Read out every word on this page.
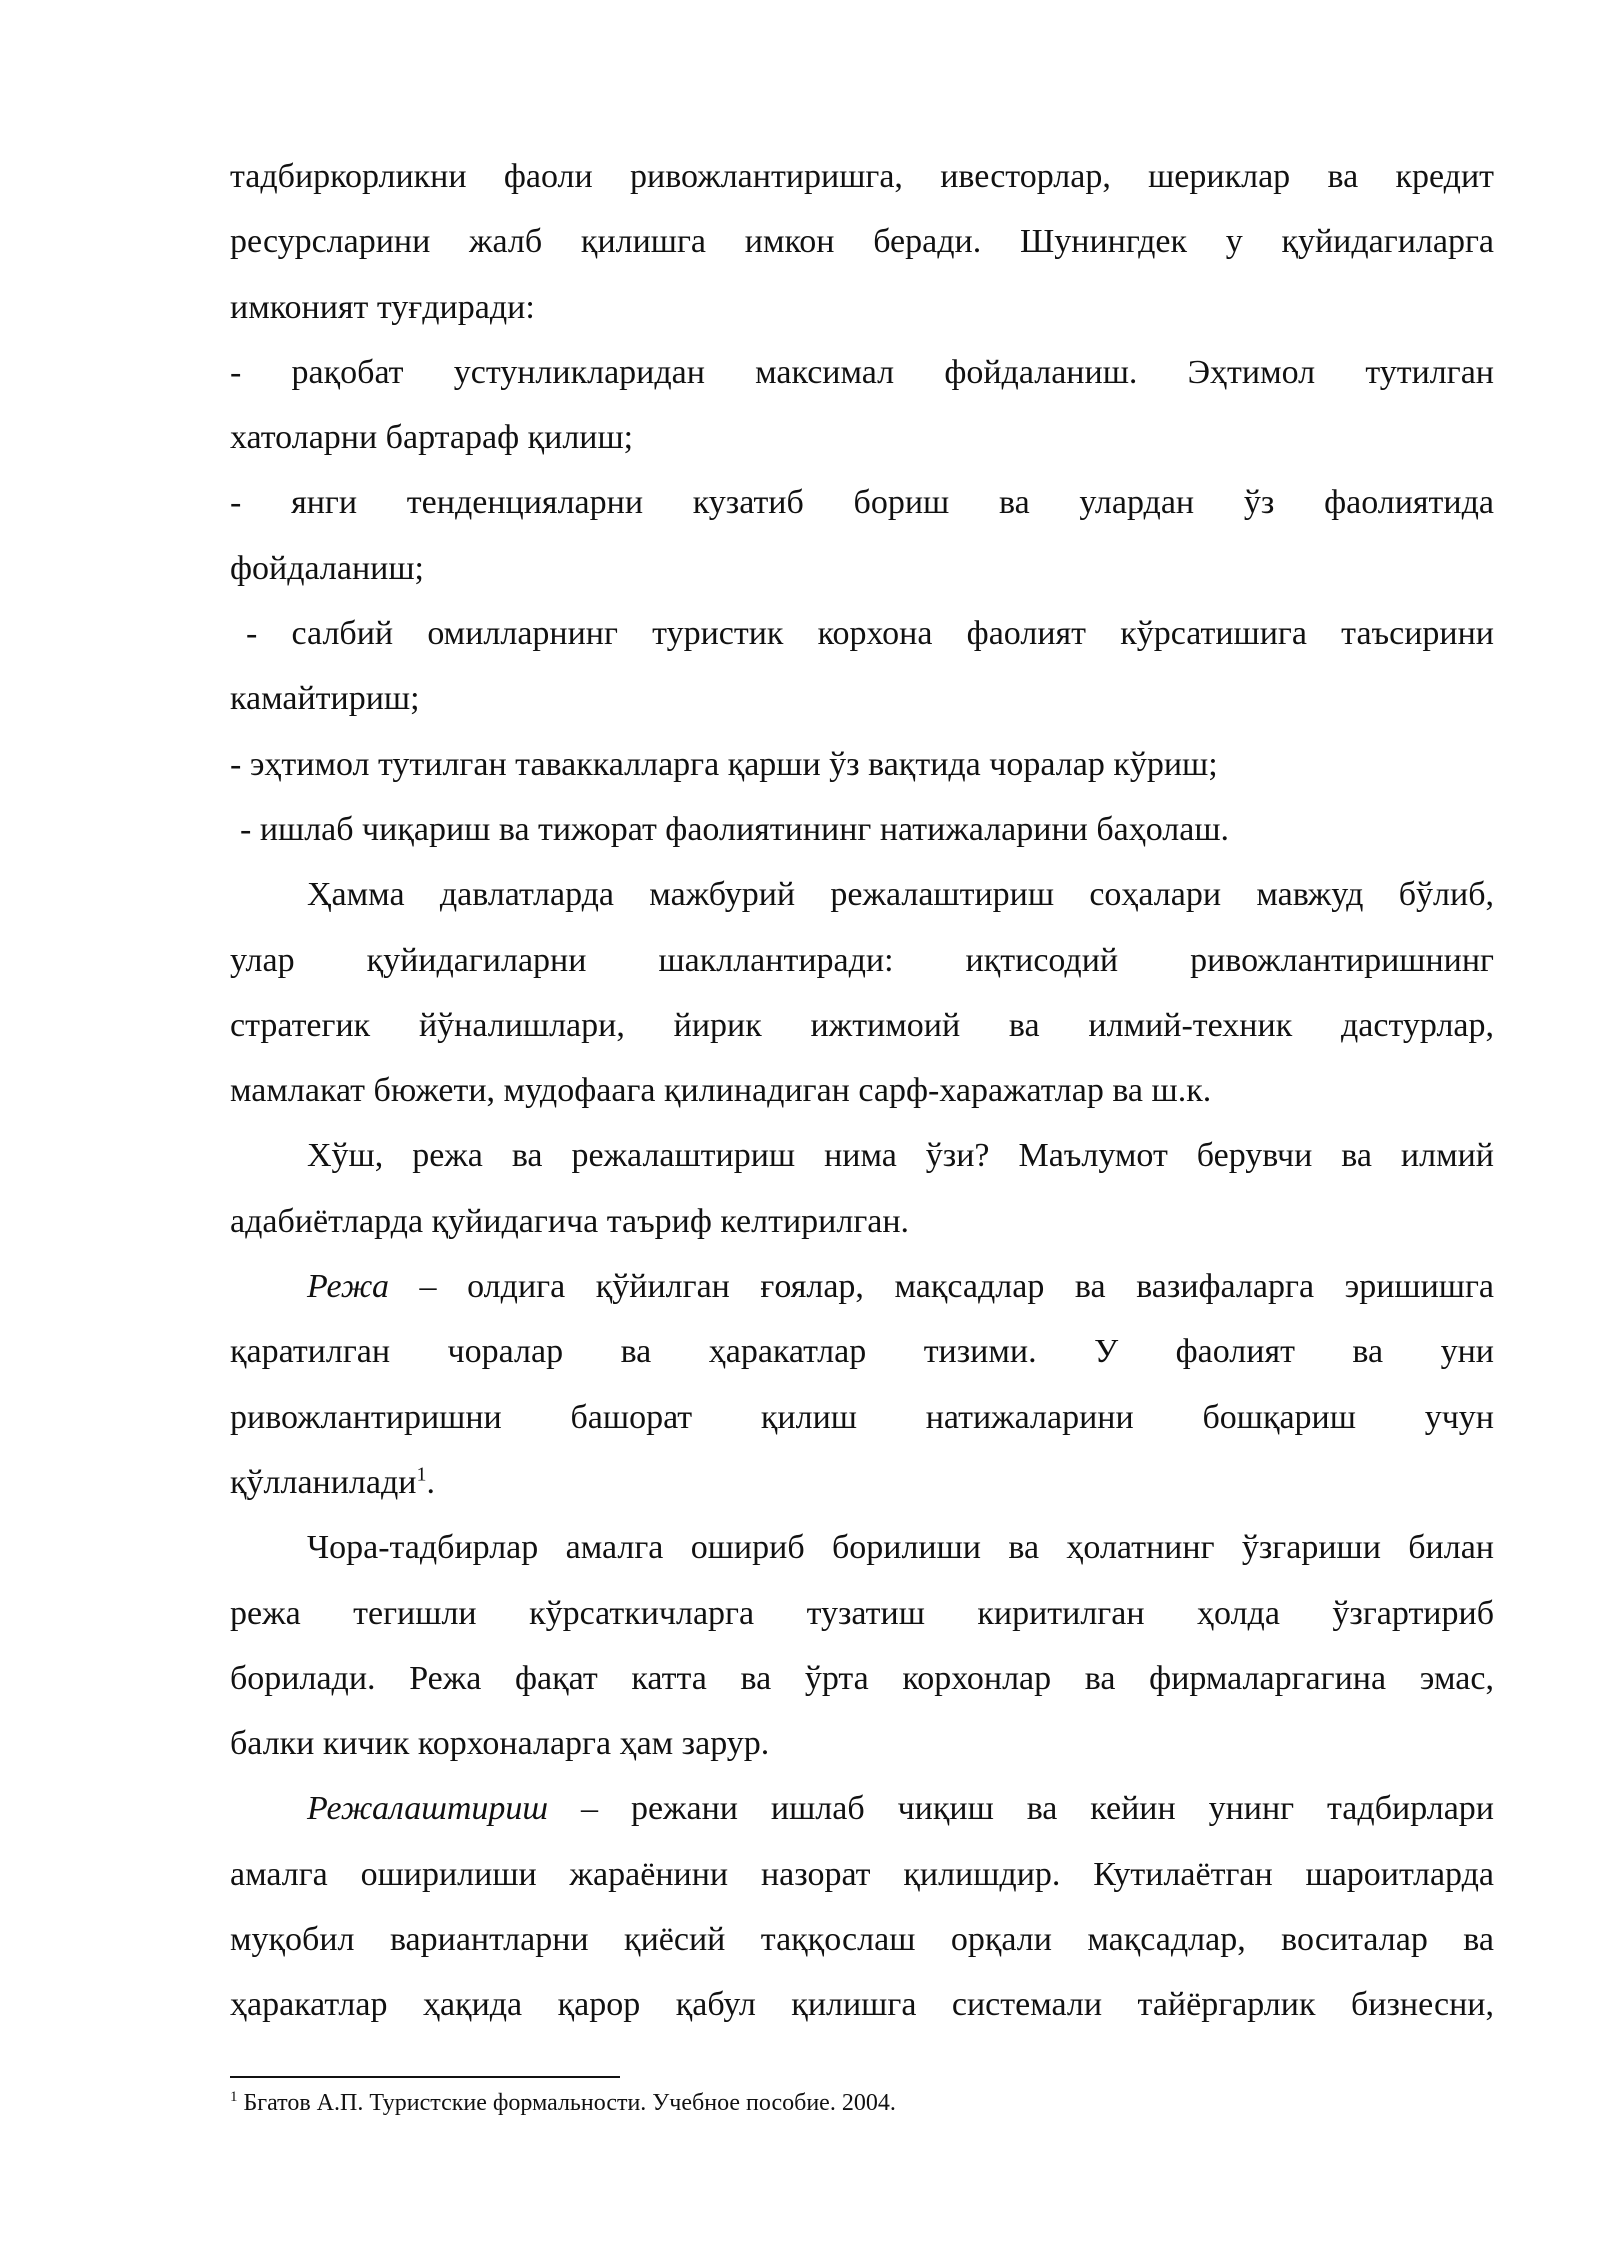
тадбиркорликни фаоли ривожлантиришга, ивесторлар, шериклар ва кредит

ресурсларини жалб қилишга имкон беради. Шунингдек у қуйидагиларга

имконият туғдиради:

- рақобат устунликларидан максимал фойдаланиш. Эҳтимол тутилган

хатоларни бартараф қилиш;

- янги тенденцияларни кузатиб бориш ва улардан ўз фаолиятида

фойдаланиш;

- салбий омилларнинг туристик корхона фаолият кўрсатишига таъсирини

камайтириш;

- эҳтимол тутилган таваккалларга қарши ўз вақтида чоралар кўриш;

- ишлаб чиқариш ва тижорат фаолиятининг натижаларини баҳолаш.

Ҳамма давлатларда мажбурий режалаштириш соҳалари мавжуд бўлиб,

улар қуйидагиларни шакллантиради: иқтисодий ривожлантиришнинг

стратегик йўналишлари, йирик ижтимоий ва илмий-техник дастурлар,

мамлакат бюжети, мудофаага қилинадиган сарф-харажатлар ва ш.к.

Хўш, режа ва режалаштириш нима ўзи? Маълумот берувчи ва илмий

адабиётларда қуйидагича таъриф келтирилган.

Режа – олдига қўйилган ғоялар, мақсадлар ва вазифаларга эришишга

қаратилган чоралар ва ҳаракатлар тизими. У фаолият ва уни

ривожлантиришни башорат қилиш натижаларини бошқариш учун

қўлланилади$^1$.

Чора-тадбирлар амалга ошириб борилиши ва ҳолатнинг ўзгариши билан

режа тегишли кўрсаткичларга тузатиш киритилган ҳолда ўзгартириб

борилади. Режа фақат катта ва ўрта корхонлар ва фирмаларгагина эмас,

балки кичик корхоналарга ҳам зарур.

Режалаштириш – режани ишлаб чиқиш ва кейин унинг тадбирлари

амалга оширилиши жараёнини назорат қилишдир. Кутилаётган шароитларда

муқобил вариантларни қиёсий таққослаш орқали мақсадлар, воситалар ва

ҳаракатлар ҳақида қарор қабул қилишга системали тайёргарлик бизнесни,

$^1$ Бгатов А.П. Туристские формальности. Учебное пособие. 2004.
